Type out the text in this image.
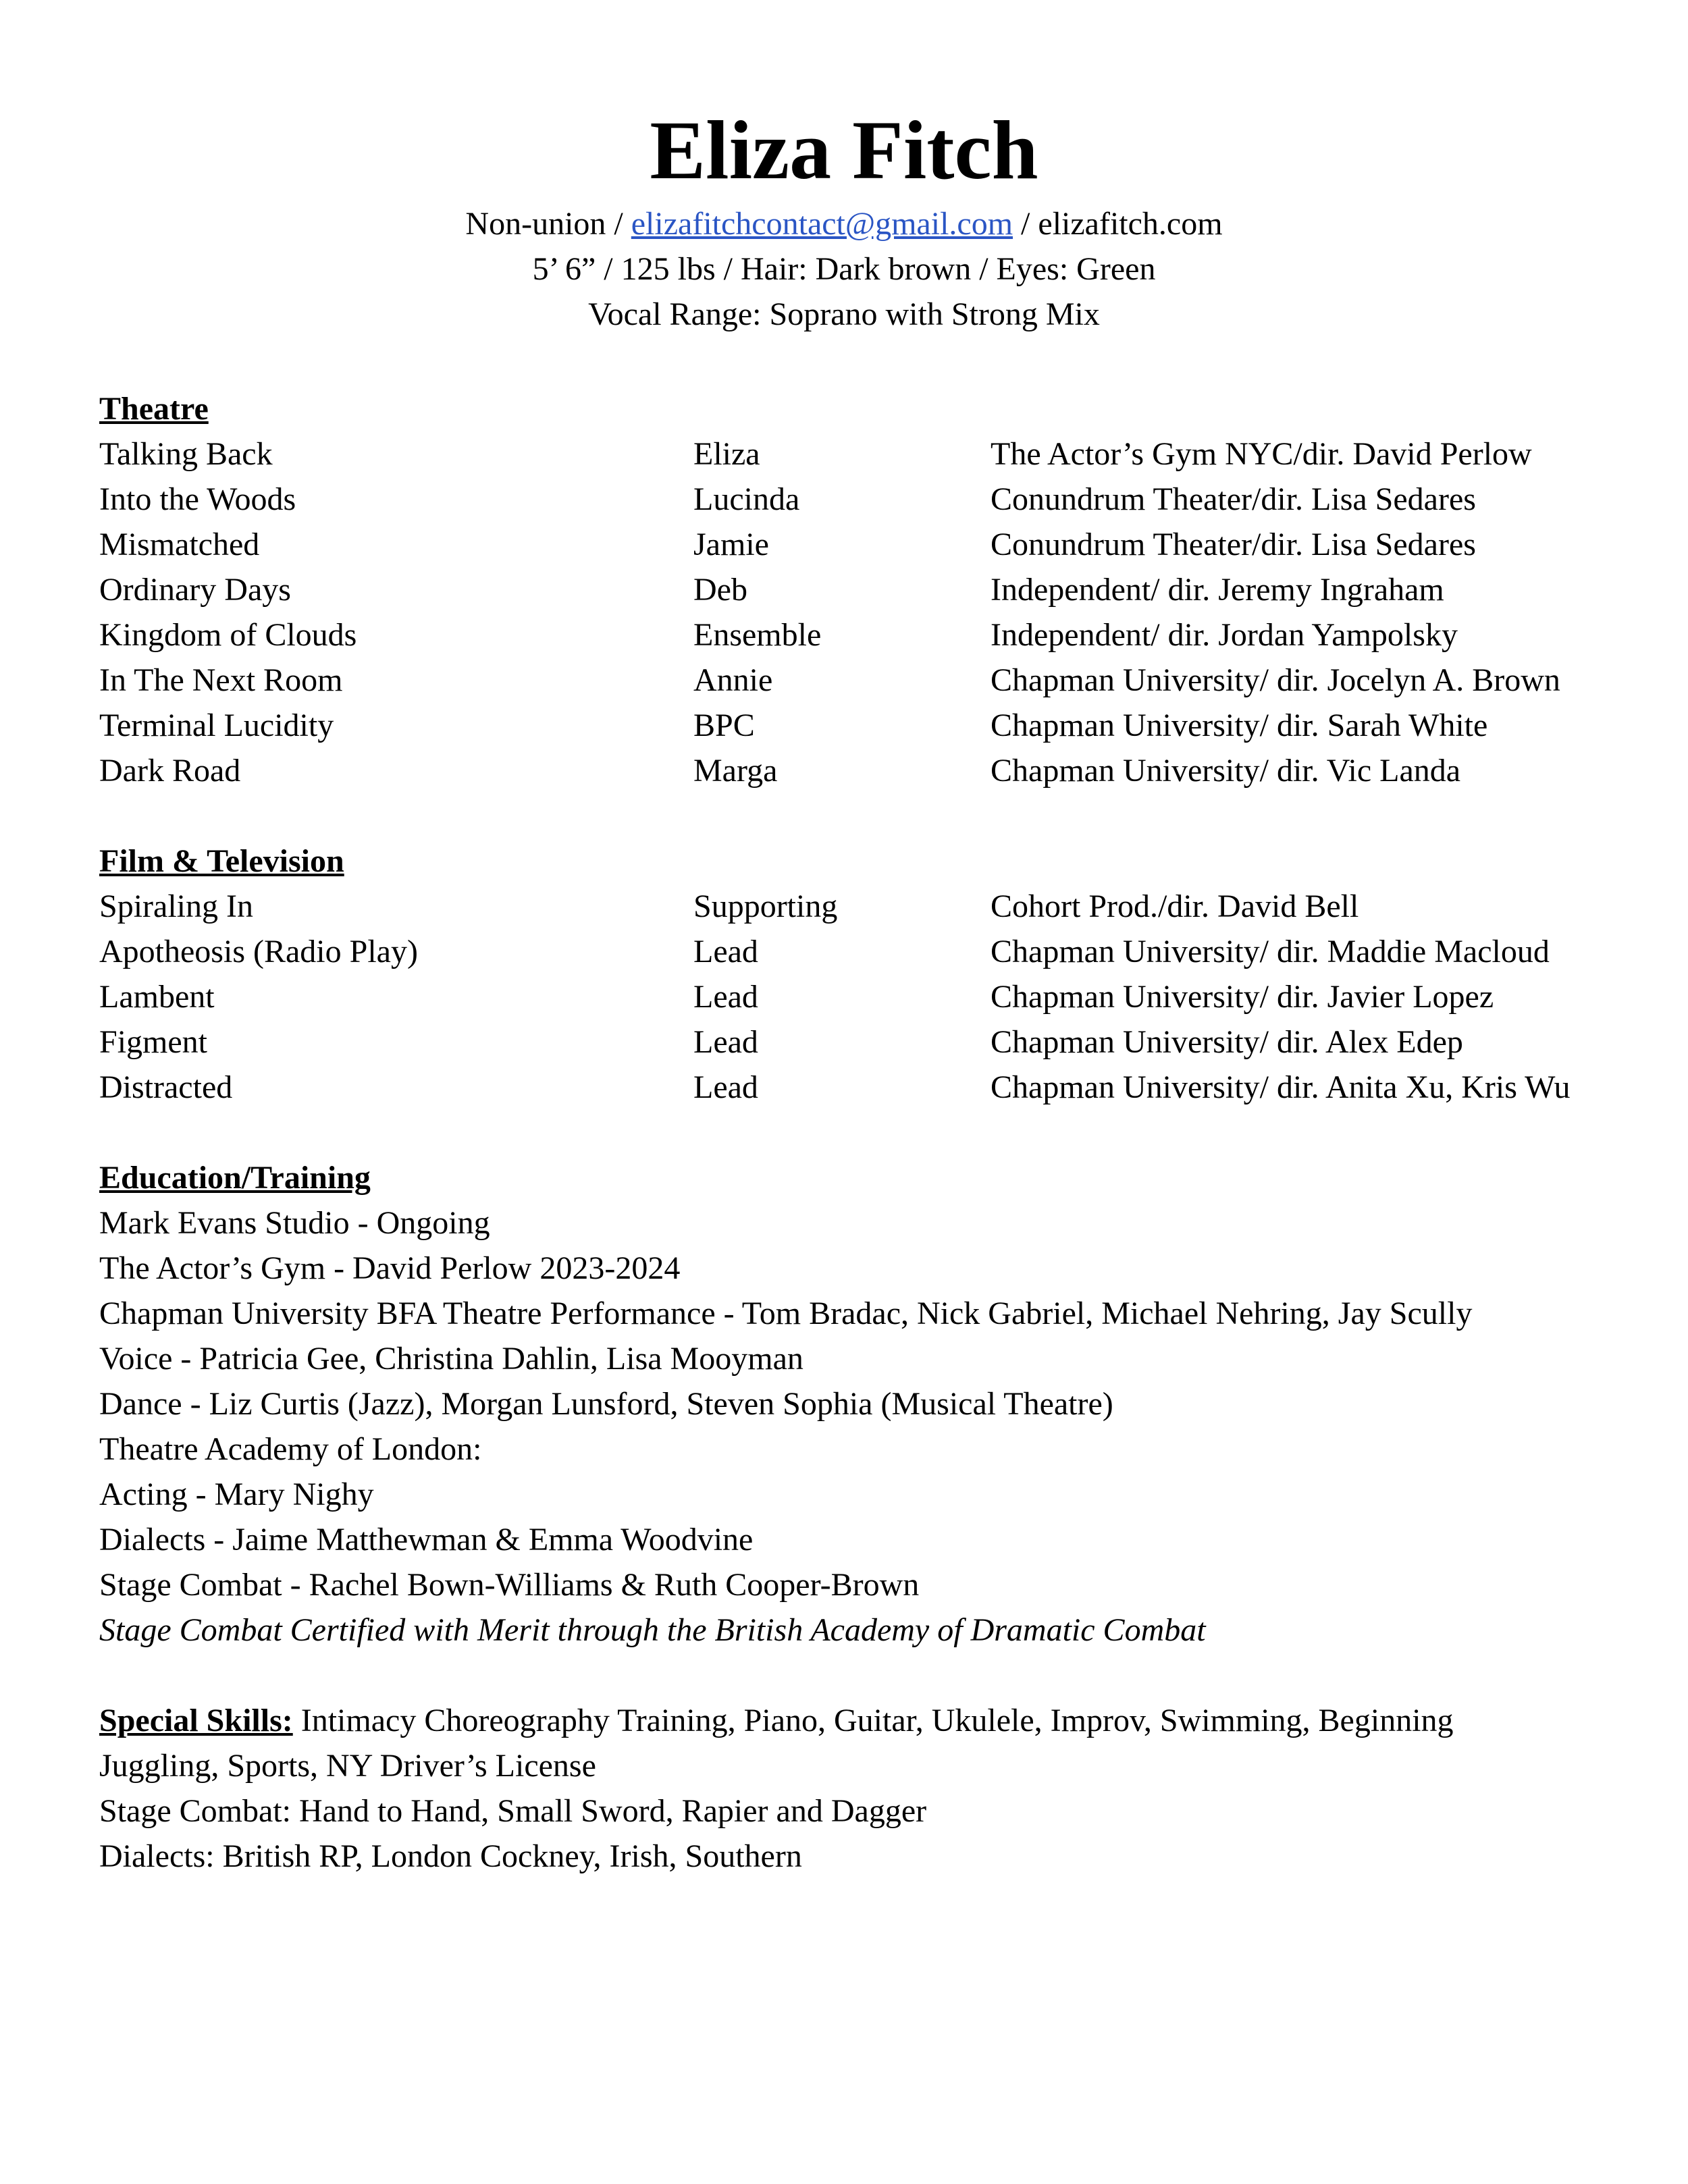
Eliza Fitch
Non-union / elizafitchcontact@gmail.com / elizafitch.com
5’ 6” / 125 lbs / Hair: Dark brown / Eyes: Green
Vocal Range: Soprano with Strong Mix
Theatre
Talking Back	Eliza	The Actor’s Gym NYC/dir. David Perlow
Into the Woods	Lucinda	Conundrum Theater/dir. Lisa Sedares
Mismatched	Jamie	Conundrum Theater/dir. Lisa Sedares
Ordinary Days	Deb	Independent/ dir. Jeremy Ingraham
Kingdom of Clouds	Ensemble	Independent/ dir. Jordan Yampolsky
In The Next Room	Annie	Chapman University/ dir. Jocelyn A. Brown
Terminal Lucidity	BPC	Chapman University/ dir. Sarah White
Dark Road	Marga	Chapman University/ dir. Vic Landa
Film & Television
Spiraling In	Supporting	Cohort Prod./dir. David Bell
Apotheosis (Radio Play)	Lead	Chapman University/ dir. Maddie Macloud
Lambent	Lead	Chapman University/ dir. Javier Lopez
Figment	Lead	Chapman University/ dir. Alex Edep
Distracted	Lead	Chapman University/ dir. Anita Xu, Kris Wu
Education/Training
Mark Evans Studio - Ongoing
The Actor’s Gym - David Perlow 2023-2024
Chapman University BFA Theatre Performance - Tom Bradac, Nick Gabriel, Michael Nehring, Jay Scully
Voice - Patricia Gee, Christina Dahlin, Lisa Mooyman
Dance - Liz Curtis (Jazz), Morgan Lunsford, Steven Sophia (Musical Theatre)
Theatre Academy of London:
Acting - Mary Nighy
Dialects - Jaime Matthewman & Emma Woodvine
Stage Combat - Rachel Bown-Williams & Ruth Cooper-Brown
Stage Combat Certified with Merit through the British Academy of Dramatic Combat
Special Skills: Intimacy Choreography Training, Piano, Guitar, Ukulele, Improv, Swimming, Beginning
Juggling, Sports, NY Driver’s License
Stage Combat: Hand to Hand, Small Sword, Rapier and Dagger
Dialects: British RP, London Cockney, Irish, Southern
